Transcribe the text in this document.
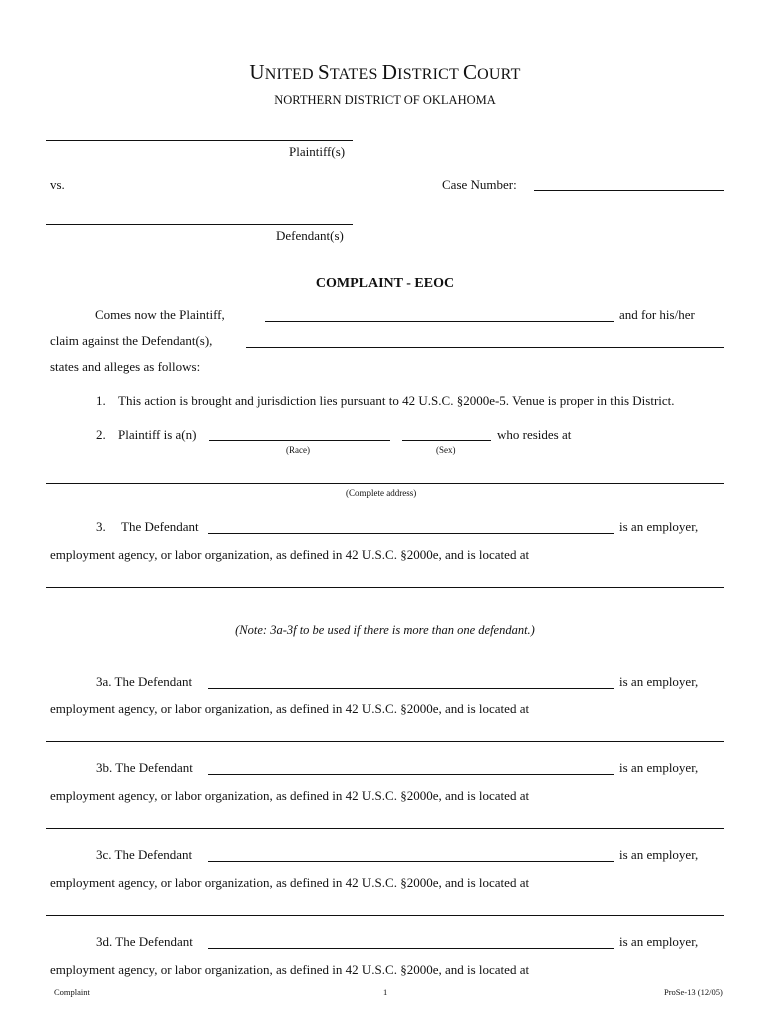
UNITED STATES DISTRICT COURT
NORTHERN DISTRICT OF OKLAHOMA
Plaintiff(s)
vs.	Case Number:
Defendant(s)
COMPLAINT - EEOC
Comes now the Plaintiff,	and for his/her
claim against the Defendant(s),
states and alleges as follows:
1. This action is brought and jurisdiction lies pursuant to 42 U.S.C. §2000e-5. Venue is proper in this District.
2. Plaintiff is a(n)
(Race)	(Sex)
who resides at
(Complete address)
3. The Defendant	is an employer,
employment agency, or labor organization, as defined in 42 U.S.C. §2000e, and is located at
(Note: 3a-3f to be used if there is more than one defendant.)
3a. The Defendant	is an employer,
employment agency, or labor organization, as defined in 42 U.S.C. §2000e, and is located at
3b. The Defendant	is an employer,
employment agency, or labor organization, as defined in 42 U.S.C. §2000e, and is located at
3c. The Defendant	is an employer,
employment agency, or labor organization, as defined in 42 U.S.C. §2000e, and is located at
3d. The Defendant	is an employer,
employment agency, or labor organization, as defined in 42 U.S.C. §2000e, and is located at
Complaint	1	ProSe-13 (12/05)
